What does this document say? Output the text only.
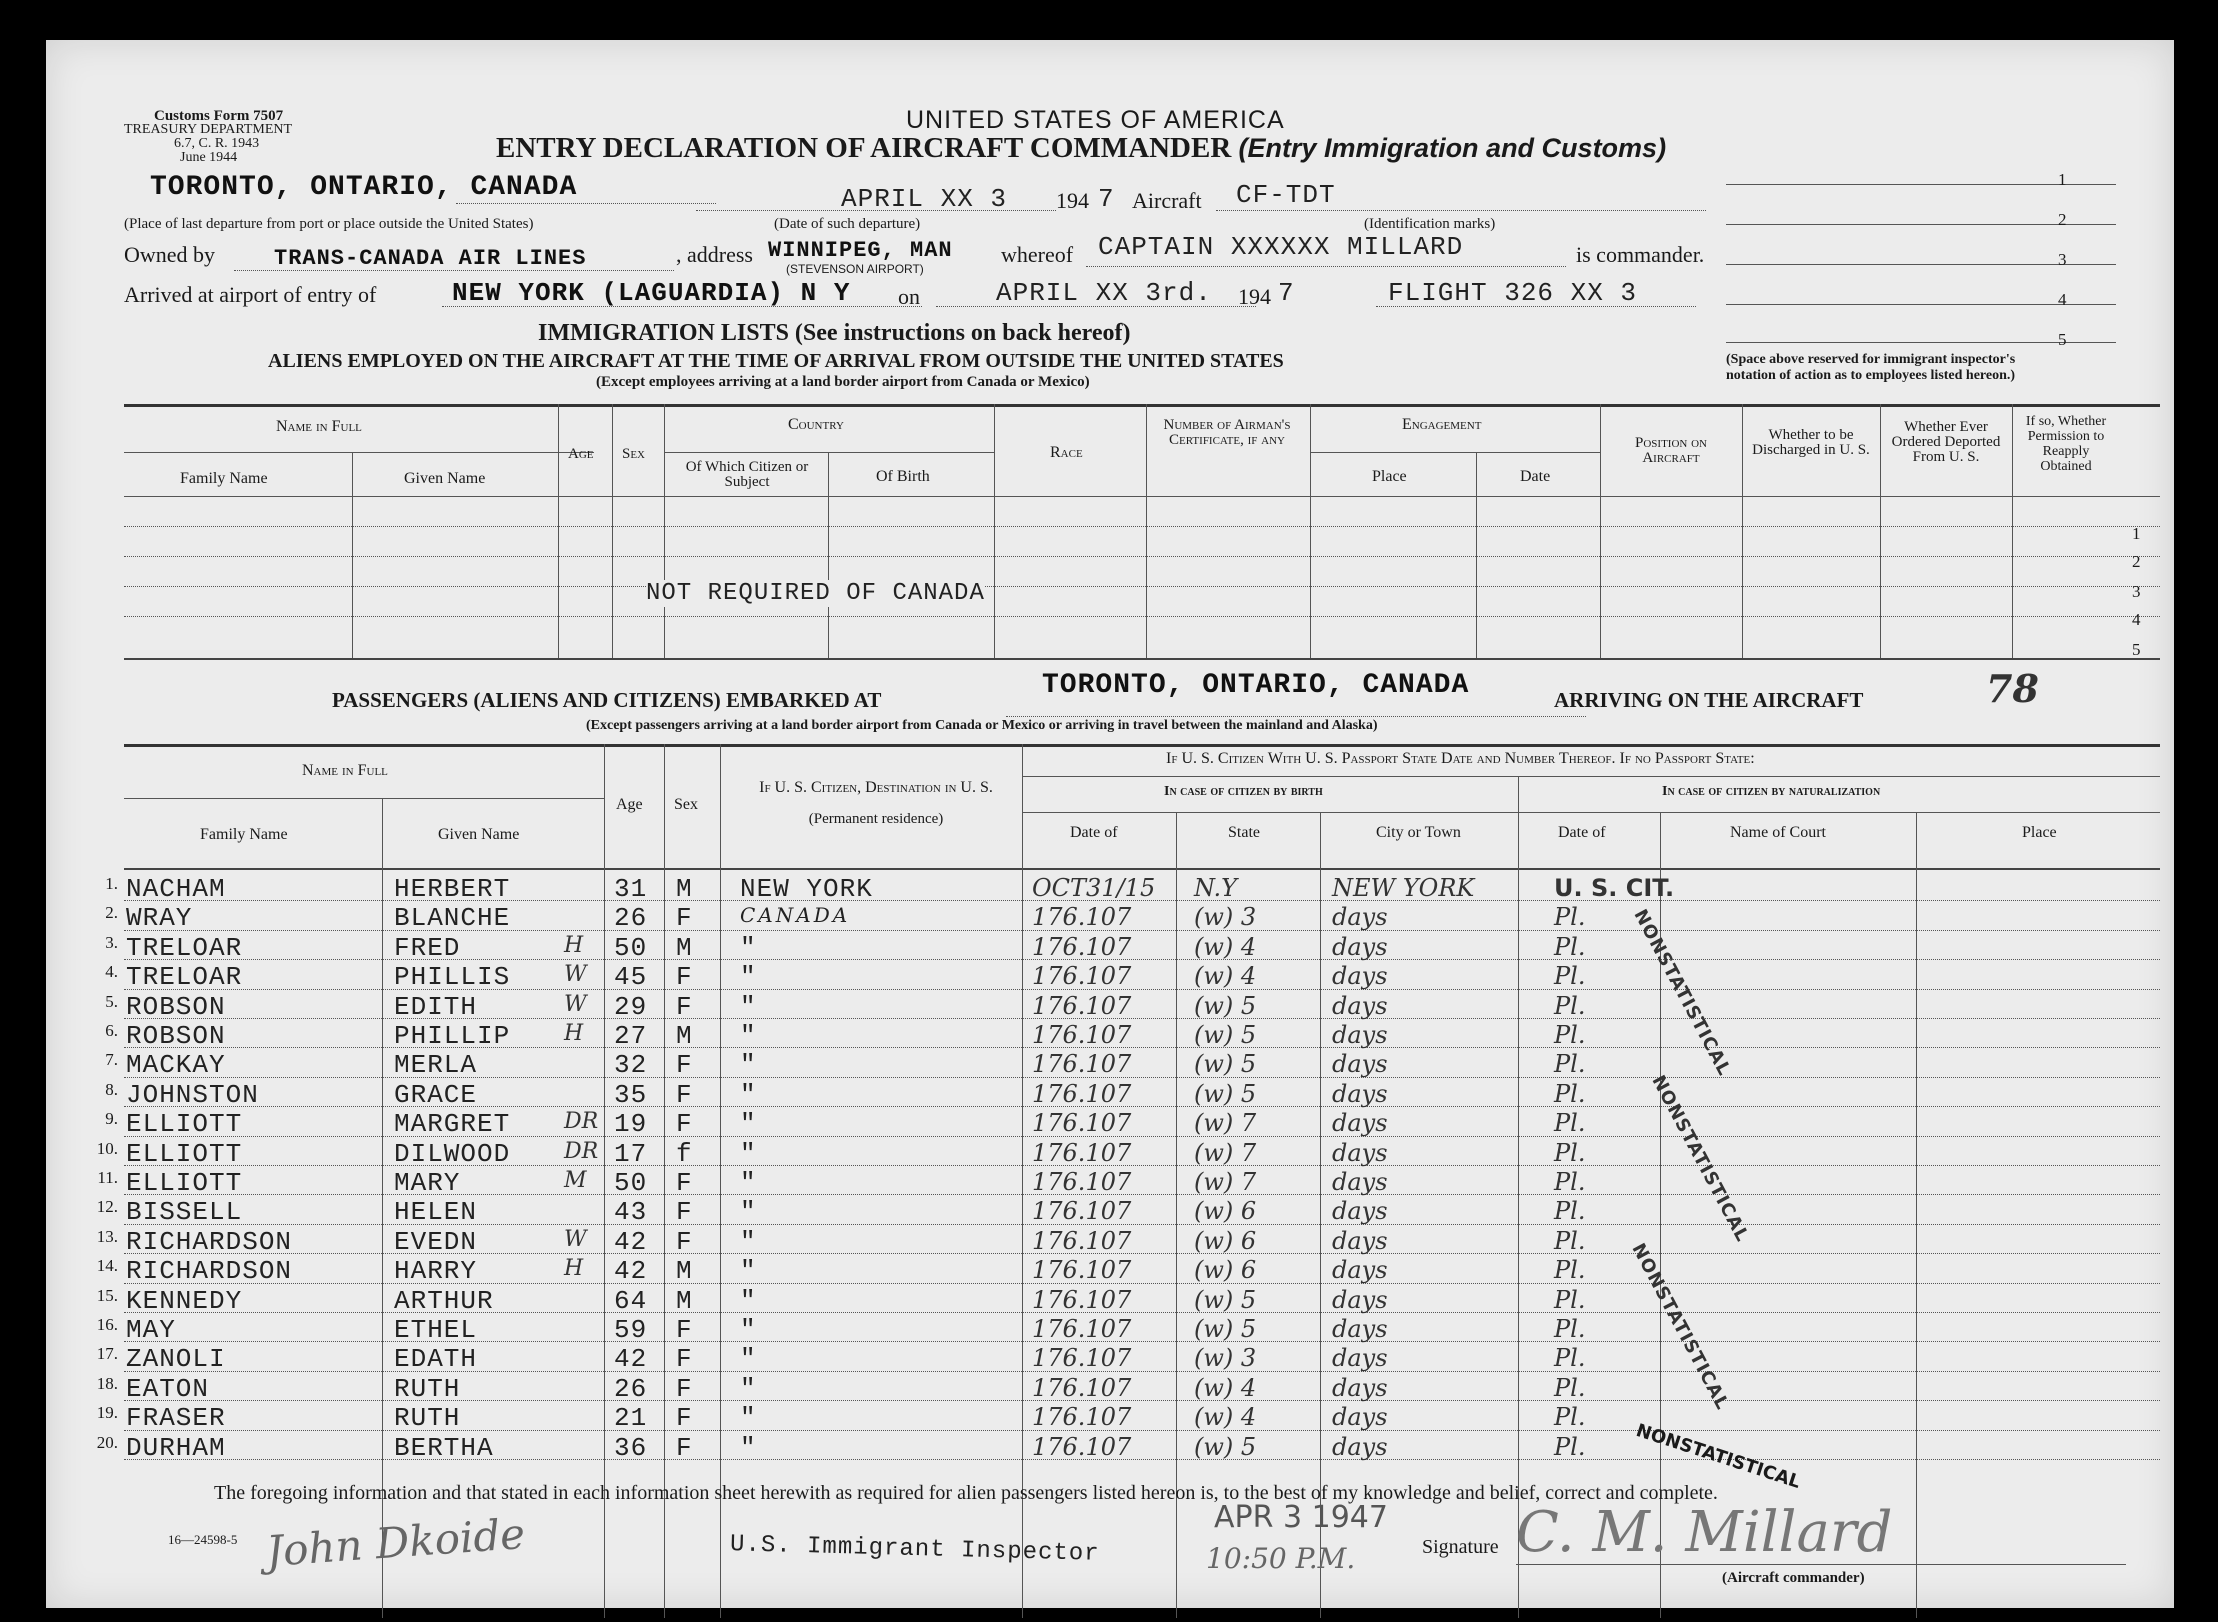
Customs Form 7507
TREASURY DEPARTMENT
6.7, C. R. 1943
June 1944
UNITED STATES OF AMERICA
ENTRY DECLARATION OF AIRCRAFT COMMANDER (Entry Immigration and Customs)
TORONTO, ONTARIO, CANADA	APRIL XX 3 194 7 Aircraft CF-TDT
(Place of last departure from port or place outside the United States)	(Date of such departure)	(Identification marks)
Owned by	TRANS-CANADA AIR LINES	, address WINNIPEG, MAN
(STEVENSON AIRPORT)
whereof CAPTAIN XXXXXX MILLARD	is commander.
Arrived at airport of entry of	NEW YORK (LAGUARDIA) N Y on	APRIL XX 3rd. 194 7	FLIGHT 326 XX 3
1
2
3
4
5
(Space above reserved for immigrant inspector's
notation of action as to employees listed hereon.)
IMMIGRATION LISTS (See instructions on back hereof)
ALIENS EMPLOYED ON THE AIRCRAFT AT THE TIME OF ARRIVAL FROM OUTSIDE THE UNITED STATES
(Except employees arriving at a land border airport from Canada or Mexico)
Name in Full
Family Name	Given Name
Age Sex
Country
Of Which Citizen or Subject	Of Birth
Race
Number of Airman's Certificate, if any
Engagement
Place	Date
Position on Aircraft
Whether to be Discharged in U. S.
Whether Ever Ordered Deported From U. S.
If so, Whether Permission to Reapply Obtained
1
2
3
4
5
NOT REQUIRED OF CANADA
PASSENGERS (ALIENS AND CITIZENS) EMBARKED AT	TORONTO, ONTARIO, CANADA	ARRIVING ON THE AIRCRAFT	78
(Except passengers arriving at a land border airport from Canada or Mexico or arriving in travel between the mainland and Alaska)
Name in Full
Family Name	Given Name
Age Sex
If U. S. Citizen, Destination in U. S.
(Permanent residence)
If U. S. Citizen With U. S. Passport State Date and Number Thereof. If no Passport State:
In case of citizen by birth	In case of citizen by naturalization
Date of	State	City or Town	Date of	Name of Court	Place
1. NACHAM	HERBERT	31 M NEW YORK	OCT31/15 N.Y	NEW YORK	U. S. CIT.
2. WRAY	BLANCHE	26 F CANADA	176.107	(w) 3	days	Pl.
3. TRELOAR	FRED	H 50 M "	176.107	(w) 4	days	Pl.
4. TRELOAR	PHILLIS W 45 F "	176.107	(w) 4	days	Pl.
5. ROBSON	EDITH	W 29 F "	176.107	(w) 5	days	Pl.
6. ROBSON	PHILLIP H 27 M "	176.107	(w) 5	days	Pl.
7. MACKAY	MERLA	32 F "	176.107	(w) 5	days	Pl.
8. JOHNSTON	GRACE	35 F "	176.107	(w) 5	days	Pl.
9. ELLIOTT	MARGRET DR 19 F "	176.107	(w) 7	days	Pl.
10. ELLIOTT	DILWOOD DR 17 f "	176.107	(w) 7	days	Pl.
11. ELLIOTT	MARY	M 50 F "	176.107	(w) 7	days	Pl.
12. BISSELL	HELEN	43 F "	176.107	(w) 6	days	Pl.
13. RICHARDSON	EVEDN	W 42 F "	176.107	(w) 6	days	Pl.
14. RICHARDSON	HARRY	H 42 M "	176.107	(w) 6	days	Pl.
15. KENNEDY	ARTHUR	64 M "	176.107	(w) 5	days	Pl.
16. MAY	ETHEL	59 F "	176.107	(w) 5	days	Pl.
17. ZANOLI	EDATH	42 F "	176.107	(w) 3	days	Pl.
18. EATON	RUTH	26 F "	176.107	(w) 4	days	Pl.
19. FRASER	RUTH	21 F "	176.107	(w) 4	days	Pl.
20. DURHAM	BERTHA	36 F "	176.107	(w) 5	days	Pl.
NONSTATISTICAL
NONSTATISTICAL
NONSTATISTICAL
NONSTATISTICAL
The foregoing information and that stated in each information sheet herewith as required for alien passengers listed hereon is, to the best of my knowledge and belief, correct and complete.
16—24598-5 John Dkoide	U.S. Immigrant Inspector
APR 3 1947
10:50 P.M.	Signature C. M. Millard
(Aircraft commander)
